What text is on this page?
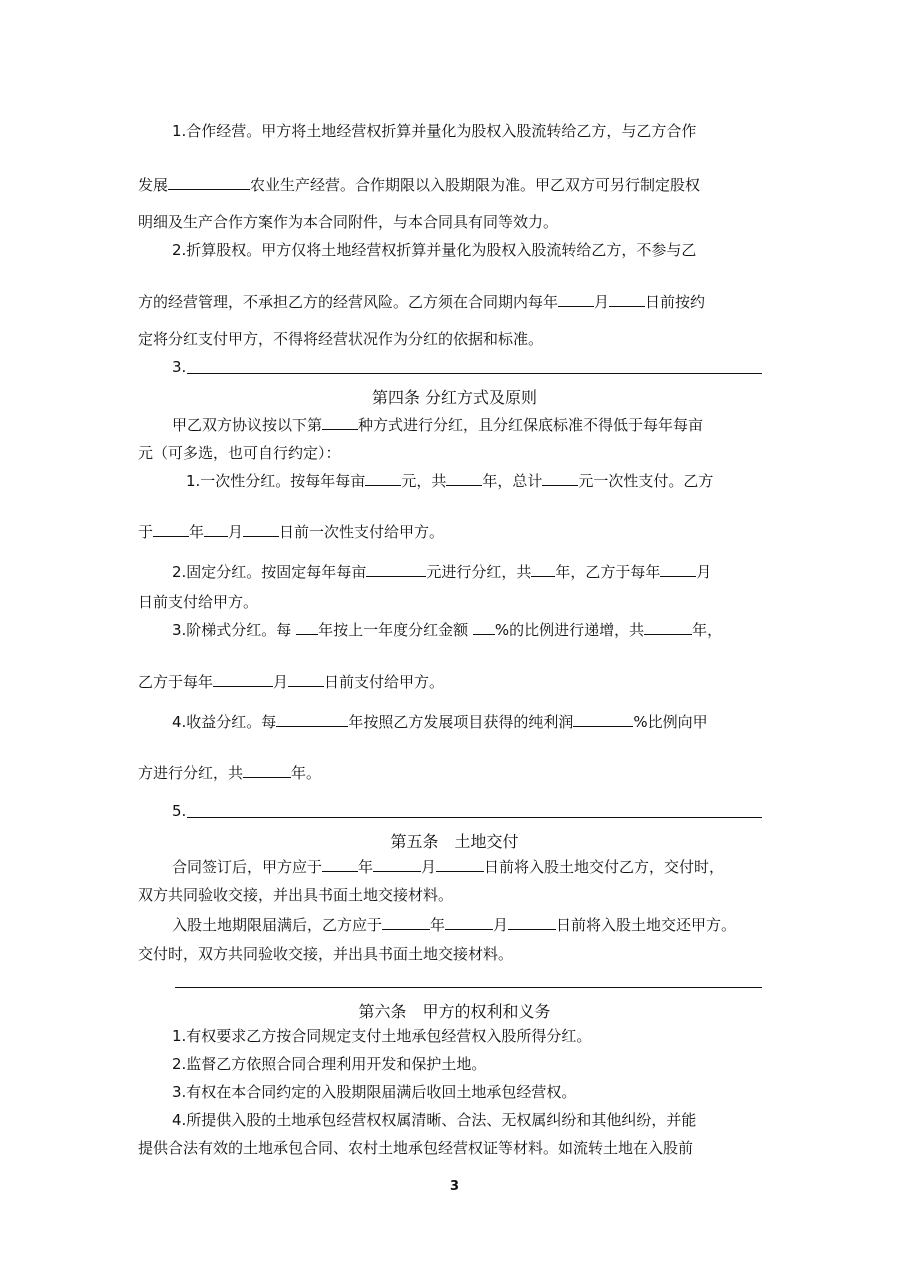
1.合作经营。甲方将土地经营权折算并量化为股权入股流转给乙方，与乙方合作
发展	农业生产经营。合作期限以入股期限为准。甲乙双方可另行制定股权
明细及生产合作方案作为本合同附件，与本合同具有同等效力。
2.折算股权。甲方仅将土地经营权折算并量化为股权入股流转给乙方，不参与乙
方的经营管理，不承担乙方的经营风险。乙方须在合同期内每年 月 日前按约
定将分红支付甲方，不得将经营状况作为分红的依据和标准。
3.
第四条 分红方式及原则
甲乙双方协议按以下第 种方式进行分红，且分红保底标准不得低于每年每亩
元（可多选，也可自行约定）：
1.一次性分红。按每年每亩 元，共 年，总计 元一次性支付。乙方
于 年 月 日前一次性支付给甲方。
2.固定分红。按固定每年每亩	元进行分红，共 年，乙方于每年 月
日前支付给甲方。
3.阶梯式分红。每 年按上一年度分红金额 %的比例进行递增，共	年，
乙方于每年	月 日前支付给甲方。
4.收益分红。每	年按照乙方发展项目获得的纯利润	%比例向甲
方进行分红，共	年。
5.
第五条　土地交付
合同签订后，甲方应于 年	月	日前将入股土地交付乙方，交付时，
双方共同验收交接，并出具书面土地交接材料。
入股土地期限届满后，乙方应于	年	月	日前将入股土地交还甲方。
交付时，双方共同验收交接，并出具书面土地交接材料。
第六条　甲方的权利和义务
1.有权要求乙方按合同规定支付土地承包经营权入股所得分红。
2.监督乙方依照合同合理利用开发和保护土地。
3.有权在本合同约定的入股期限届满后收回土地承包经营权。
4.所提供入股的土地承包经营权权属清晰、合法、无权属纠纷和其他纠纷，并能
提供合法有效的土地承包合同、农村土地承包经营权证等材料。如流转土地在入股前
3
